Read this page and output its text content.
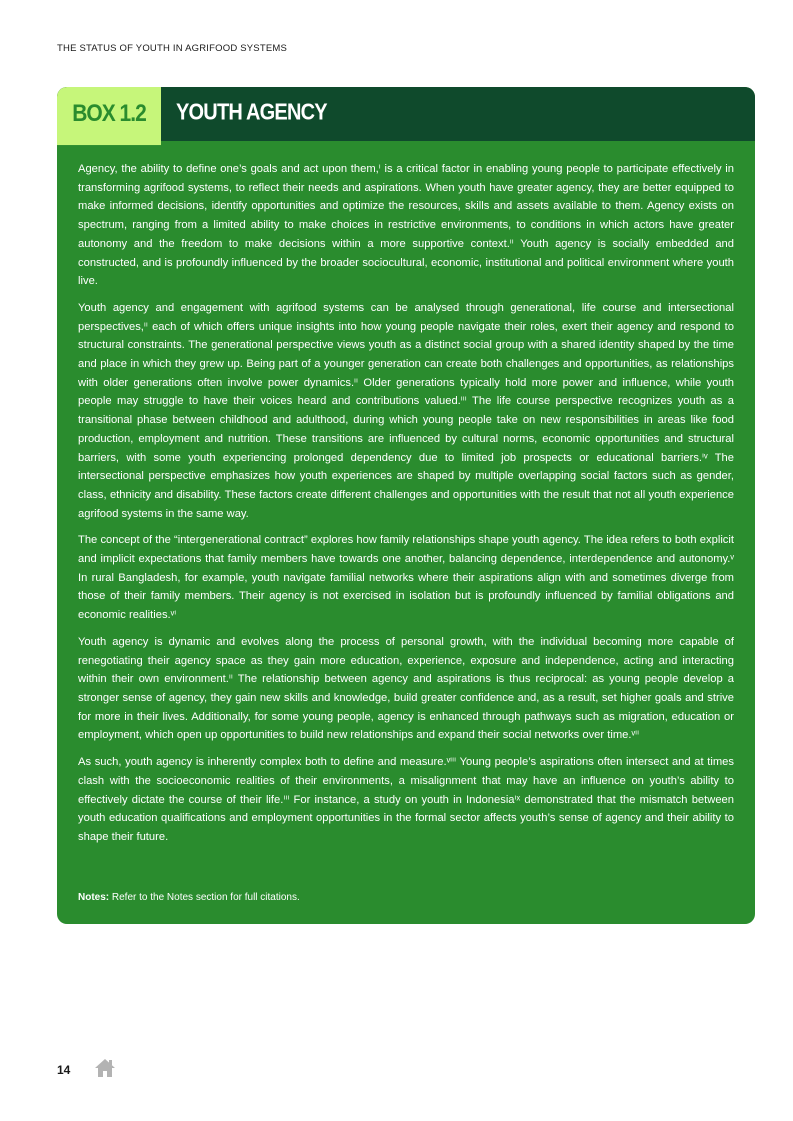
THE STATUS OF YOUTH IN AGRIFOOD SYSTEMS
BOX 1.2	YOUTH AGENCY

Agency, the ability to define one’s goals and act upon them,ⁱ is a critical factor in enabling young people to participate effectively in transforming agrifood systems, to reflect their needs and aspirations. When youth have greater agency, they are better equipped to make informed decisions, identify opportunities and optimize the resources, skills and assets available to them. Agency exists on spectrum, ranging from a limited ability to make choices in restrictive environments, to conditions in which actors have greater autonomy and the freedom to make decisions within a more supportive context.ⁱⁱ Youth agency is socially embedded and constructed, and is profoundly influenced by the broader sociocultural, economic, institutional and political environment where youth live.

Youth agency and engagement with agrifood systems can be analysed through generational, life course and intersectional perspectives,ⁱⁱ each of which offers unique insights into how young people navigate their roles, exert their agency and respond to structural constraints. The generational perspective views youth as a distinct social group with a shared identity shaped by the time and place in which they grew up. Being part of a younger generation can create both challenges and opportunities, as relationships with older generations often involve power dynamics.ⁱⁱ Older generations typically hold more power and influence, while youth people may struggle to have their voices heard and contributions valued.ⁱⁱⁱ The life course perspective recognizes youth as a transitional phase between childhood and adulthood, during which young people take on new responsibilities in areas like food production, employment and nutrition. These transitions are influenced by cultural norms, economic opportunities and structural barriers, with some youth experiencing prolonged dependency due to limited job prospects or educational barriers.ⁱᵛ The intersectional perspective emphasizes how youth experiences are shaped by multiple overlapping social factors such as gender, class, ethnicity and disability. These factors create different challenges and opportunities with the result that not all youth experience agrifood systems in the same way.

The concept of the “intergenerational contract” explores how family relationships shape youth agency. The idea refers to both explicit and implicit expectations that family members have towards one another, balancing dependence, interdependence and autonomy.ᵛ In rural Bangladesh, for example, youth navigate familial networks where their aspirations align with and sometimes diverge from those of their family members. Their agency is not exercised in isolation but is profoundly influenced by familial obligations and economic realities.ᵛⁱ

Youth agency is dynamic and evolves along the process of personal growth, with the individual becoming more capable of renegotiating their agency space as they gain more education, experience, exposure and independence, acting and interacting within their own environment.ⁱⁱ The relationship between agency and aspirations is thus reciprocal: as young people develop a stronger sense of agency, they gain new skills and knowledge, build greater confidence and, as a result, set higher goals and strive for more in their lives. Additionally, for some young people, agency is enhanced through pathways such as migration, education or employment, which open up opportunities to build new relationships and expand their social networks over time.ᵛⁱⁱ

As such, youth agency is inherently complex both to define and measure.ᵛⁱⁱⁱ Young people’s aspirations often intersect and at times clash with the socioeconomic realities of their environments, a misalignment that may have an influence on youth’s ability to effectively dictate the course of their life.ⁱⁱⁱ For instance, a study on youth in Indonesiaⁱˣ demonstrated that the mismatch between youth education qualifications and employment opportunities in the formal sector affects youth’s sense of agency and their ability to shape their future.

Notes: Refer to the Notes section for full citations.
14
